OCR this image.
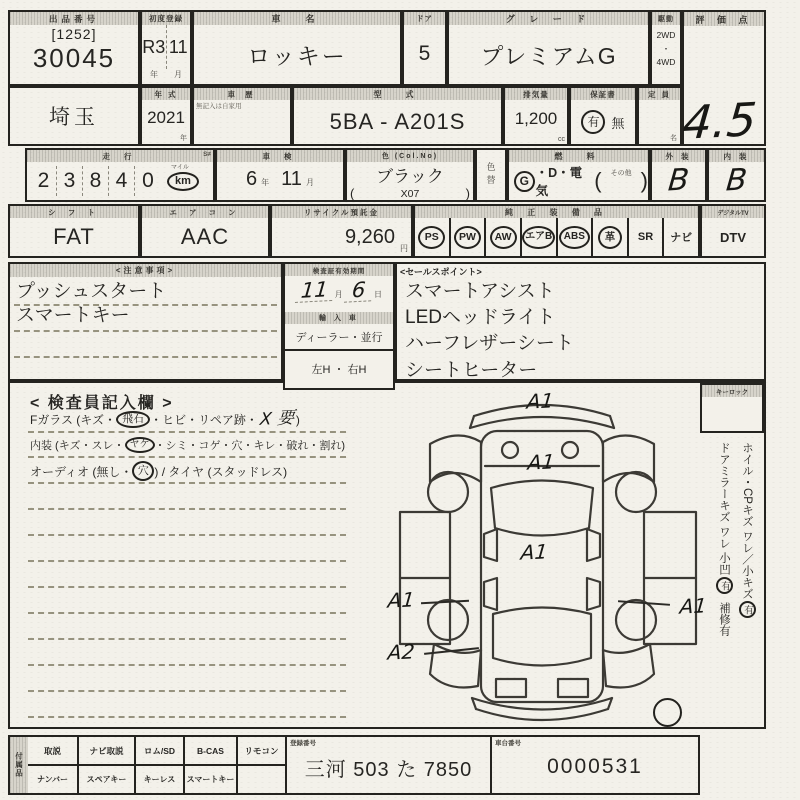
出品番号
[1252]
30045
初度登録
R3 11
年 月
車　名
ロッキー
ドア
5
グ レ ー ド
プレミアムG
駆動
2WD
・
4WD
評 価 点
4.5
埼玉
年 式
2021
年
車 歴
無記入は自家用
型　式
5BA - A201S
排気量
1,200
cc
保証書
有 無
定 員
名
走 行	S≠
2 3 8 4 0
マイル
km
車 検
6 年 11 月
色 (Col.No)
ブラック
(	X07	)
色替
燃　料
G
・D・電気	(	その他 )
外 装
B
内 装
B
シ フ ト
FAT
エ ア コ ン
AAC
リサイクル預託金
9,260
円
純 正 装 備 品
PS	PW	AW	エアB	ABS	革	SR	ナビ
デジタルTV
DTV
<注意事項>
プッシュスタート
スマートキー
検査証有効期間
11 月 6 日
輸 入 車
ディーラー・並行
左H ・ 右H
<セールスポイント>
スマートアシスト
LEDヘッドライト
ハーフレザーシート
シートヒーター
< 検査員記入欄 >
Fガラス (キズ・ 飛石 ・ヒビ・リペア跡・ X 要 )
内装 (キズ・スレ・ ヤケ ・シミ・コゲ・穴・キレ・破れ・割れ)
オーディオ (無し・ 穴 ) / タイヤ (スタッドレス)
キーロック
ホイル・CPキズ ワレ／小キズ有
ドアミラーキズ ワレ 小凹有補修有
A1
A1
A1
A1	A1
A2
付属品
取説	ナビ取説	ロム/SD	B-CAS	リモコン
ナンバー	スペアキー	キーレス	スマートキー
登録番号
三河 503 た 7850
車台番号
0000531
